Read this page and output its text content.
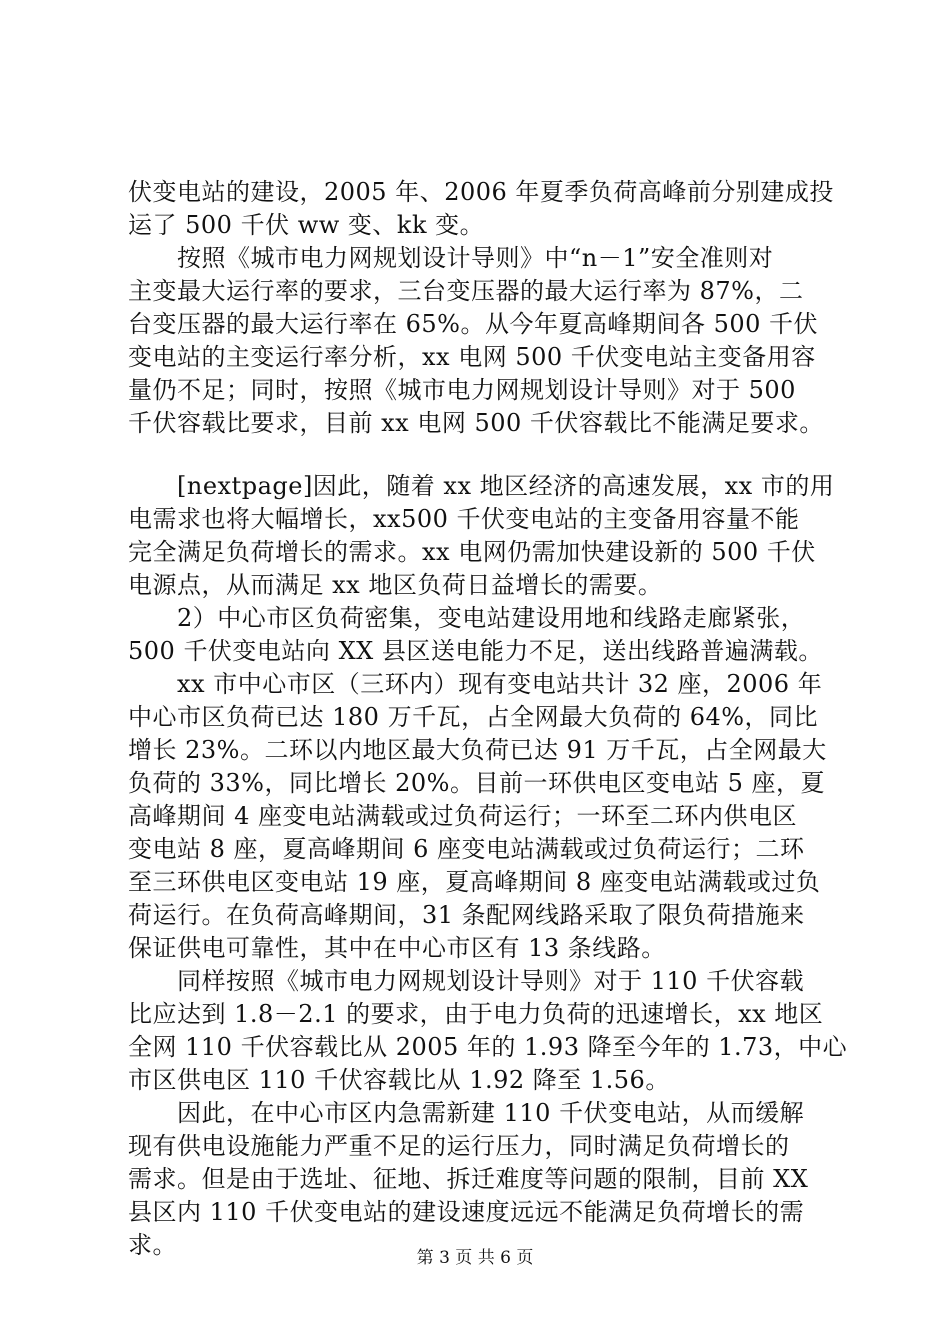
伏变电站的建设，2005 年、2006 年夏季负荷高峰前分别建成投

运了 500 千伏 ww 变、kk 变。

　　按照《城市电力网规划设计导则》中“n－1”安全准则对

主变最大运行率的要求，三台变压器的最大运行率为 87%，二

台变压器的最大运行率在 65%。从今年夏高峰期间各 500 千伏

变电站的主变运行率分析，xx 电网 500 千伏变电站主变备用容

量仍不足；同时，按照《城市电力网规划设计导则》对于 500

千伏容载比要求，目前 xx 电网 500 千伏容载比不能满足要求。

　　[nextpage]因此，随着 xx 地区经济的高速发展，xx 市的用

电需求也将大幅增长，xx500 千伏变电站的主变备用容量不能

完全满足负荷增长的需求。xx 电网仍需加快建设新的 500 千伏

电源点，从而满足 xx 地区负荷日益增长的需要。

　　2）中心市区负荷密集，变电站建设用地和线路走廊紧张，

500 千伏变电站向 XX 县区送电能力不足，送出线路普遍满载。

　　xx 市中心市区（三环内）现有变电站共计 32 座，2006 年

中心市区负荷已达 180 万千瓦，占全网最大负荷的 64%，同比

增长 23%。二环以内地区最大负荷已达 91 万千瓦，占全网最大

负荷的 33%，同比增长 20%。目前一环供电区变电站 5 座，夏

高峰期间 4 座变电站满载或过负荷运行；一环至二环内供电区

变电站 8 座，夏高峰期间 6 座变电站满载或过负荷运行；二环

至三环供电区变电站 19 座，夏高峰期间 8 座变电站满载或过负

荷运行。在负荷高峰期间，31 条配网线路采取了限负荷措施来

保证供电可靠性，其中在中心市区有 13 条线路。

　　同样按照《城市电力网规划设计导则》对于 110 千伏容载

比应达到 1.8－2.1 的要求，由于电力负荷的迅速增长，xx 地区

全网 110 千伏容载比从 2005 年的 1.93 降至今年的 1.73，中心

市区供电区 110 千伏容载比从 1.92 降至 1.56。

　　因此，在中心市区内急需新建 110 千伏变电站，从而缓解

现有供电设施能力严重不足的运行压力，同时满足负荷增长的

需求。但是由于选址、征地、拆迁难度等问题的限制，目前 XX

县区内 110 千伏变电站的建设速度远远不能满足负荷增长的需

求。	第 3 页 共 6 页
